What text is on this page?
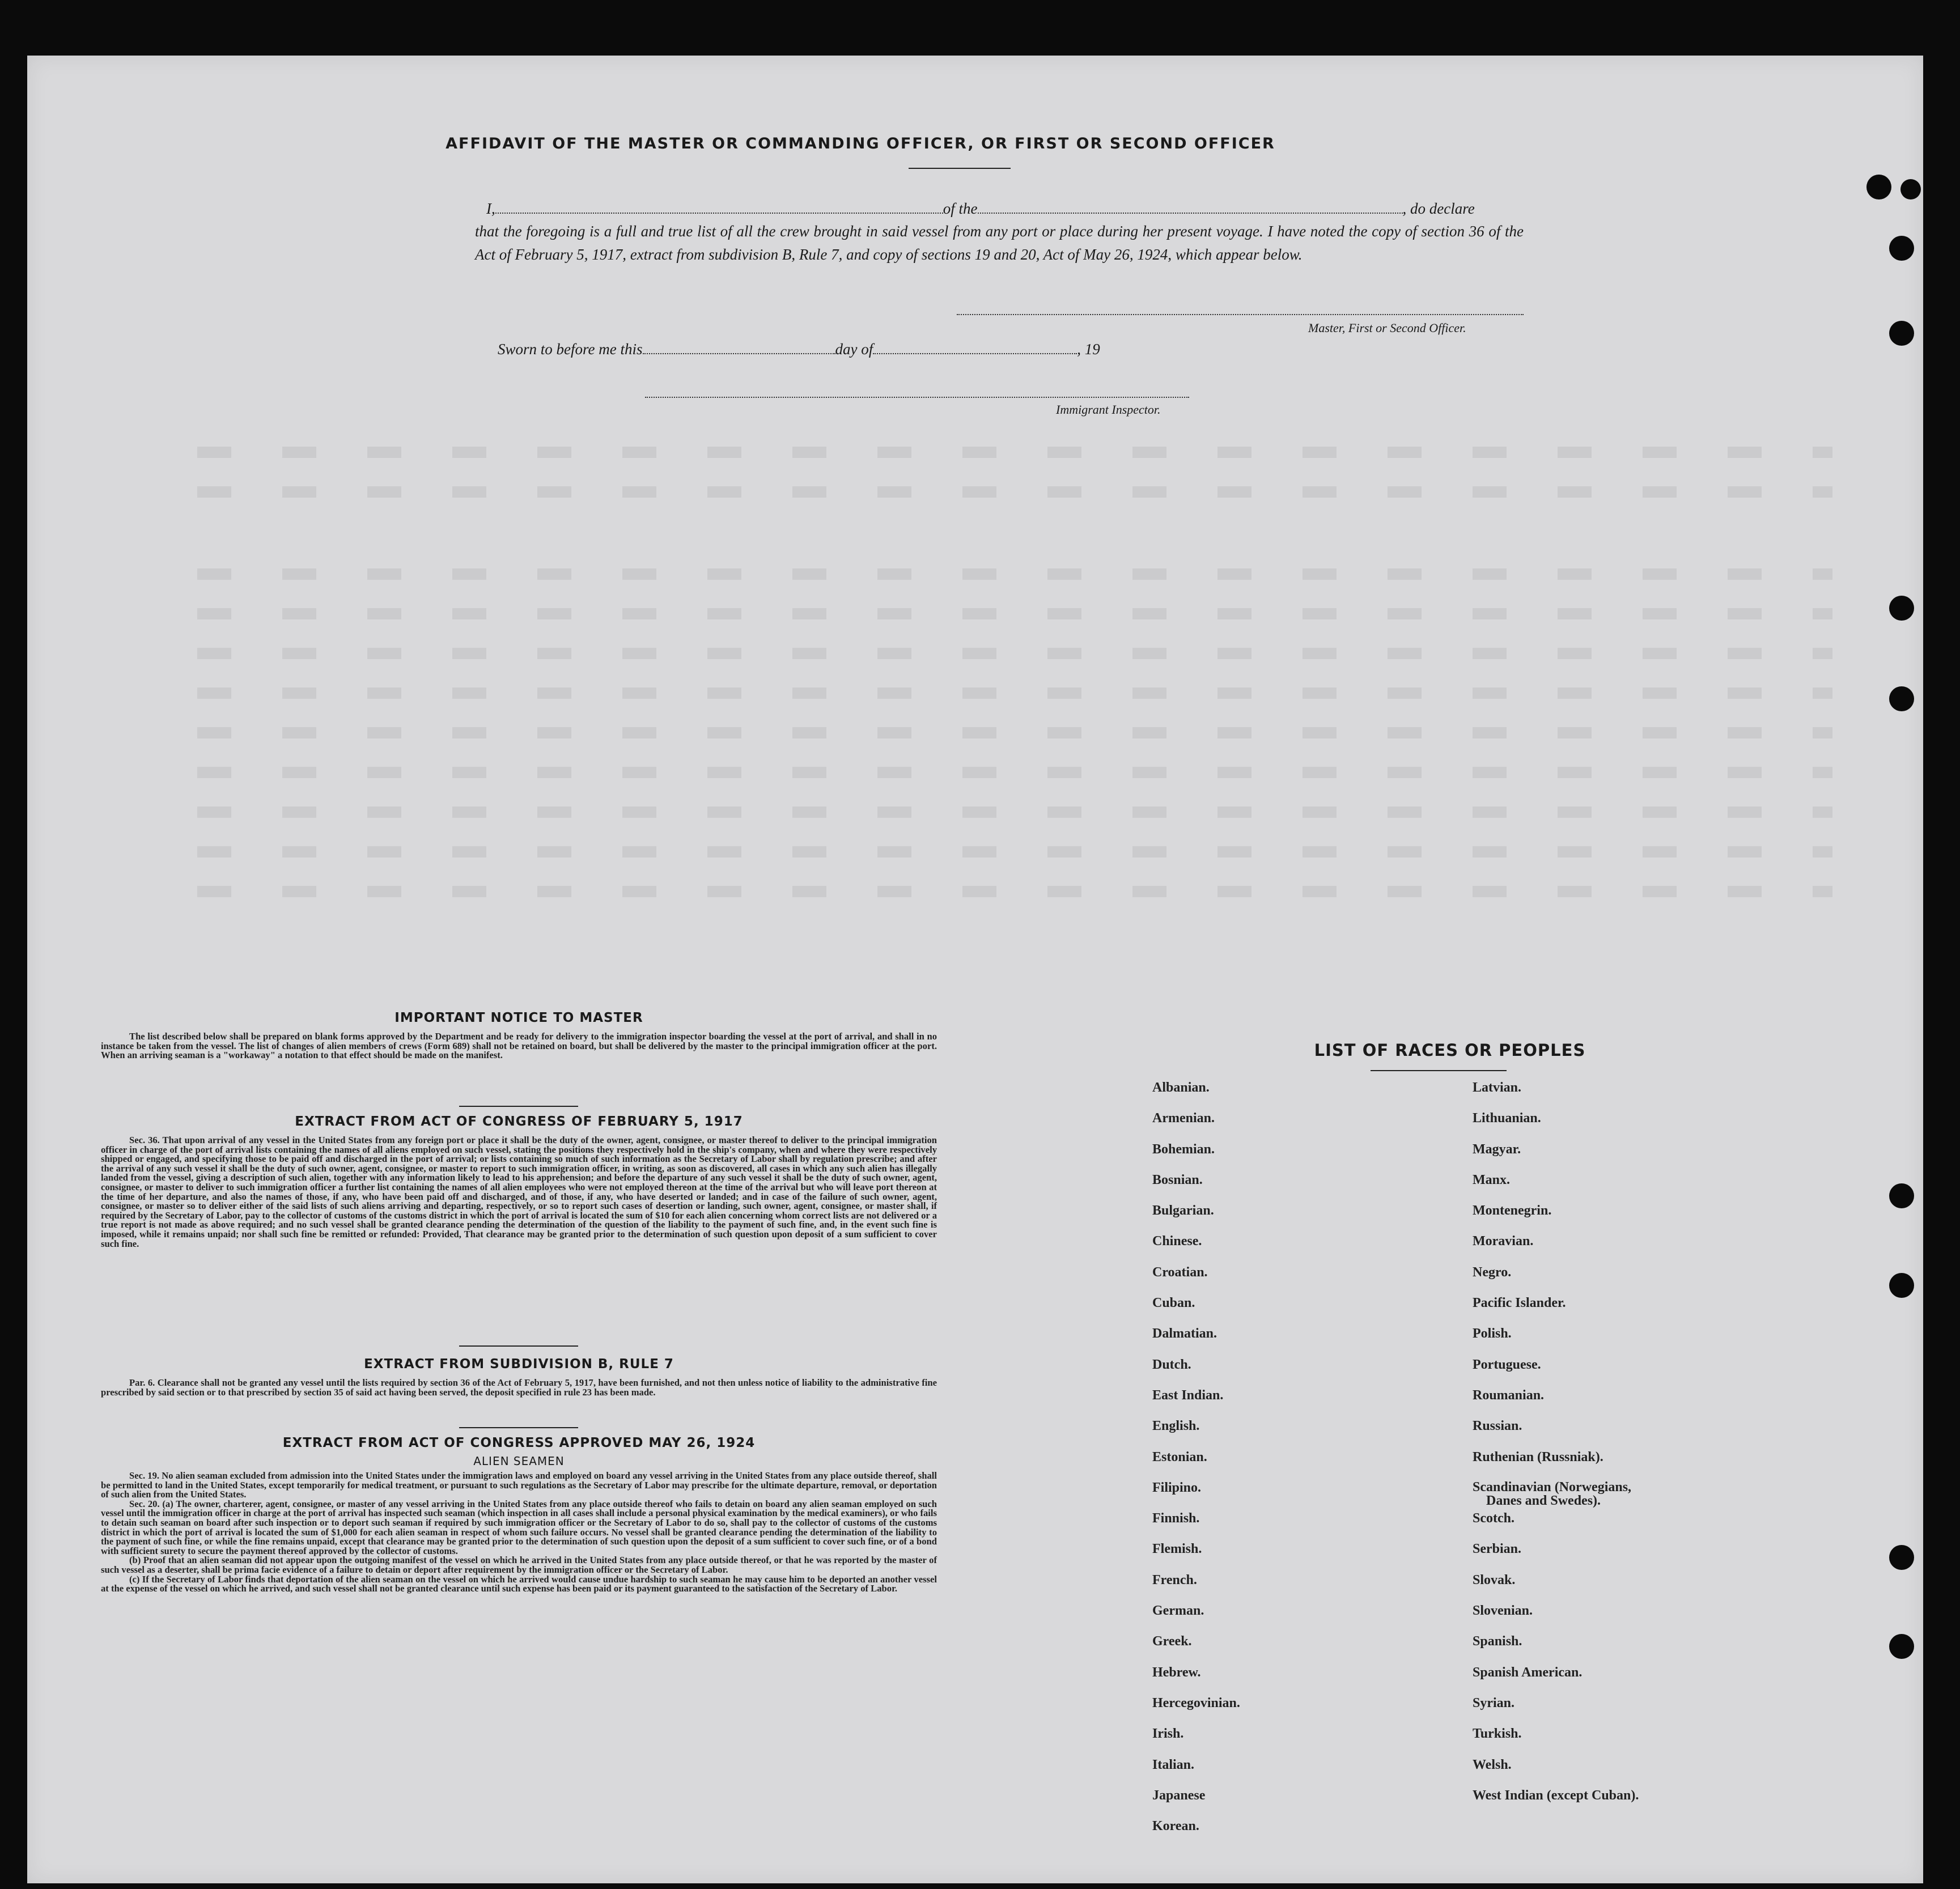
AFFIDAVIT OF THE MASTER OR COMMANDING OFFICER, OR FIRST OR SECOND OFFICER
I,	of the	, do declare
that the foregoing is a full and true list of all the crew brought in said vessel from any port or place during her present voyage. I have noted the copy of section 36 of the Act of February 5, 1917, extract from subdivision B, Rule 7, and copy of sections 19 and 20, Act of May 26, 1924, which appear below.
Master, First or Second Officer.
Sworn to before me this	day of	, 19
Immigrant Inspector.
IMPORTANT NOTICE TO MASTER

The list described below shall be prepared on blank forms approved by the Department and be ready for delivery to the immigration inspector boarding the vessel at the port of arrival, and shall in no instance be taken from the vessel. The list of changes of alien members of crews (Form 689) shall not be retained on board, but shall be delivered by the master to the principal immigration officer at the port. When an arriving seaman is a "workaway" a notation to that effect should be made on the manifest.

EXTRACT FROM ACT OF CONGRESS OF FEBRUARY 5, 1917

Sec. 36. That upon arrival of any vessel in the United States from any foreign port or place it shall be the duty of the owner, agent, consignee, or master thereof to deliver to the principal immigration officer in charge of the port of arrival lists containing the names of all aliens employed on such vessel, stating the positions they respectively hold in the ship's company, when and where they were respectively shipped or engaged, and specifying those to be paid off and discharged in the port of arrival; or lists containing so much of such information as the Secretary of Labor shall by regulation prescribe; and after the arrival of any such vessel it shall be the duty of such owner, agent, consignee, or master to report to such immigration officer, in writing, as soon as discovered, all cases in which any such alien has illegally landed from the vessel, giving a description of such alien, together with any information likely to lead to his apprehension; and before the departure of any such vessel it shall be the duty of such owner, agent, consignee, or master to deliver to such immigration officer a further list containing the names of all alien employees who were not employed thereon at the time of the arrival but who will leave port thereon at the time of her departure, and also the names of those, if any, who have been paid off and discharged, and of those, if any, who have deserted or landed; and in case of the failure of such owner, agent, consignee, or master so to deliver either of the said lists of such aliens arriving and departing, respectively, or so to report such cases of desertion or landing, such owner, agent, consignee, or master shall, if required by the Secretary of Labor, pay to the collector of customs of the customs district in which the port of arrival is located the sum of $10 for each alien concerning whom correct lists are not delivered or a true report is not made as above required; and no such vessel shall be granted clearance pending the determination of the question of the liability to the payment of such fine, and, in the event such fine is imposed, while it remains unpaid; nor shall such fine be remitted or refunded: Provided, That clearance may be granted prior to the determination of such question upon deposit of a sum sufficient to cover such fine.

EXTRACT FROM SUBDIVISION B, RULE 7

Par. 6. Clearance shall not be granted any vessel until the lists required by section 36 of the Act of February 5, 1917, have been furnished, and not then unless notice of liability to the administrative fine prescribed by said section or to that prescribed by section 35 of said act having been served, the deposit specified in rule 23 has been made.

EXTRACT FROM ACT OF CONGRESS APPROVED MAY 26, 1924
ALIEN SEAMEN

Sec. 19. No alien seaman excluded from admission into the United States under the immigration laws and employed on board any vessel arriving in the United States from any place outside thereof, shall be permitted to land in the United States, except temporarily for medical treatment, or pursuant to such regulations as the Secretary of Labor may prescribe for the ultimate departure, removal, or deportation of such alien from the United States.

Sec. 20. (a) The owner, charterer, agent, consignee, or master of any vessel arriving in the United States from any place outside thereof who fails to detain on board any alien seaman employed on such vessel until the immigration officer in charge at the port of arrival has inspected such seaman (which inspection in all cases shall include a personal physical examination by the medical examiners), or who fails to detain such seaman on board after such inspection or to deport such seaman if required by such immigration officer or the Secretary of Labor to do so, shall pay to the collector of customs of the customs district in which the port of arrival is located the sum of $1,000 for each alien seaman in respect of whom such failure occurs. No vessel shall be granted clearance pending the determination of the liability to the payment of such fine, or while the fine remains unpaid, except that clearance may be granted prior to the determination of such question upon the deposit of a sum sufficient to cover such fine, or of a bond with sufficient surety to secure the payment thereof approved by the collector of customs.

(b) Proof that an alien seaman did not appear upon the outgoing manifest of the vessel on which he arrived in the United States from any place outside thereof, or that he was reported by the master of such vessel as a deserter, shall be prima facie evidence of a failure to detain or deport after requirement by the immigration officer or the Secretary of Labor.

(c) If the Secretary of Labor finds that deportation of the alien seaman on the vessel on which he arrived would cause undue hardship to such seaman he may cause him to be deported an another vessel at the expense of the vessel on which he arrived, and such vessel shall not be granted clearance until such expense has been paid or its payment guaranteed to the satisfaction of the Secretary of Labor.

LIST OF RACES OR PEOPLES
Albanian.
Armenian.
Bohemian.
Bosnian.
Bulgarian.
Chinese.
Croatian.
Cuban.
Dalmatian.
Dutch.
East Indian.
English.
Estonian.
Filipino.
Finnish.
Flemish.
French.
German.
Greek.
Hebrew.
Hercegovinian.
Irish.
Italian.
Japanese
Korean.
Latvian.
Lithuanian.
Magyar.
Manx.
Montenegrin.
Moravian.
Negro.
Pacific Islander.
Polish.
Portuguese.
Roumanian.
Russian.
Ruthenian (Russniak).
Scandinavian (Norwegians,
Danes and Swedes).
Scotch.
Serbian.
Slovak.
Slovenian.
Spanish.
Spanish American.
Syrian.
Turkish.
Welsh.
West Indian (except Cuban).
